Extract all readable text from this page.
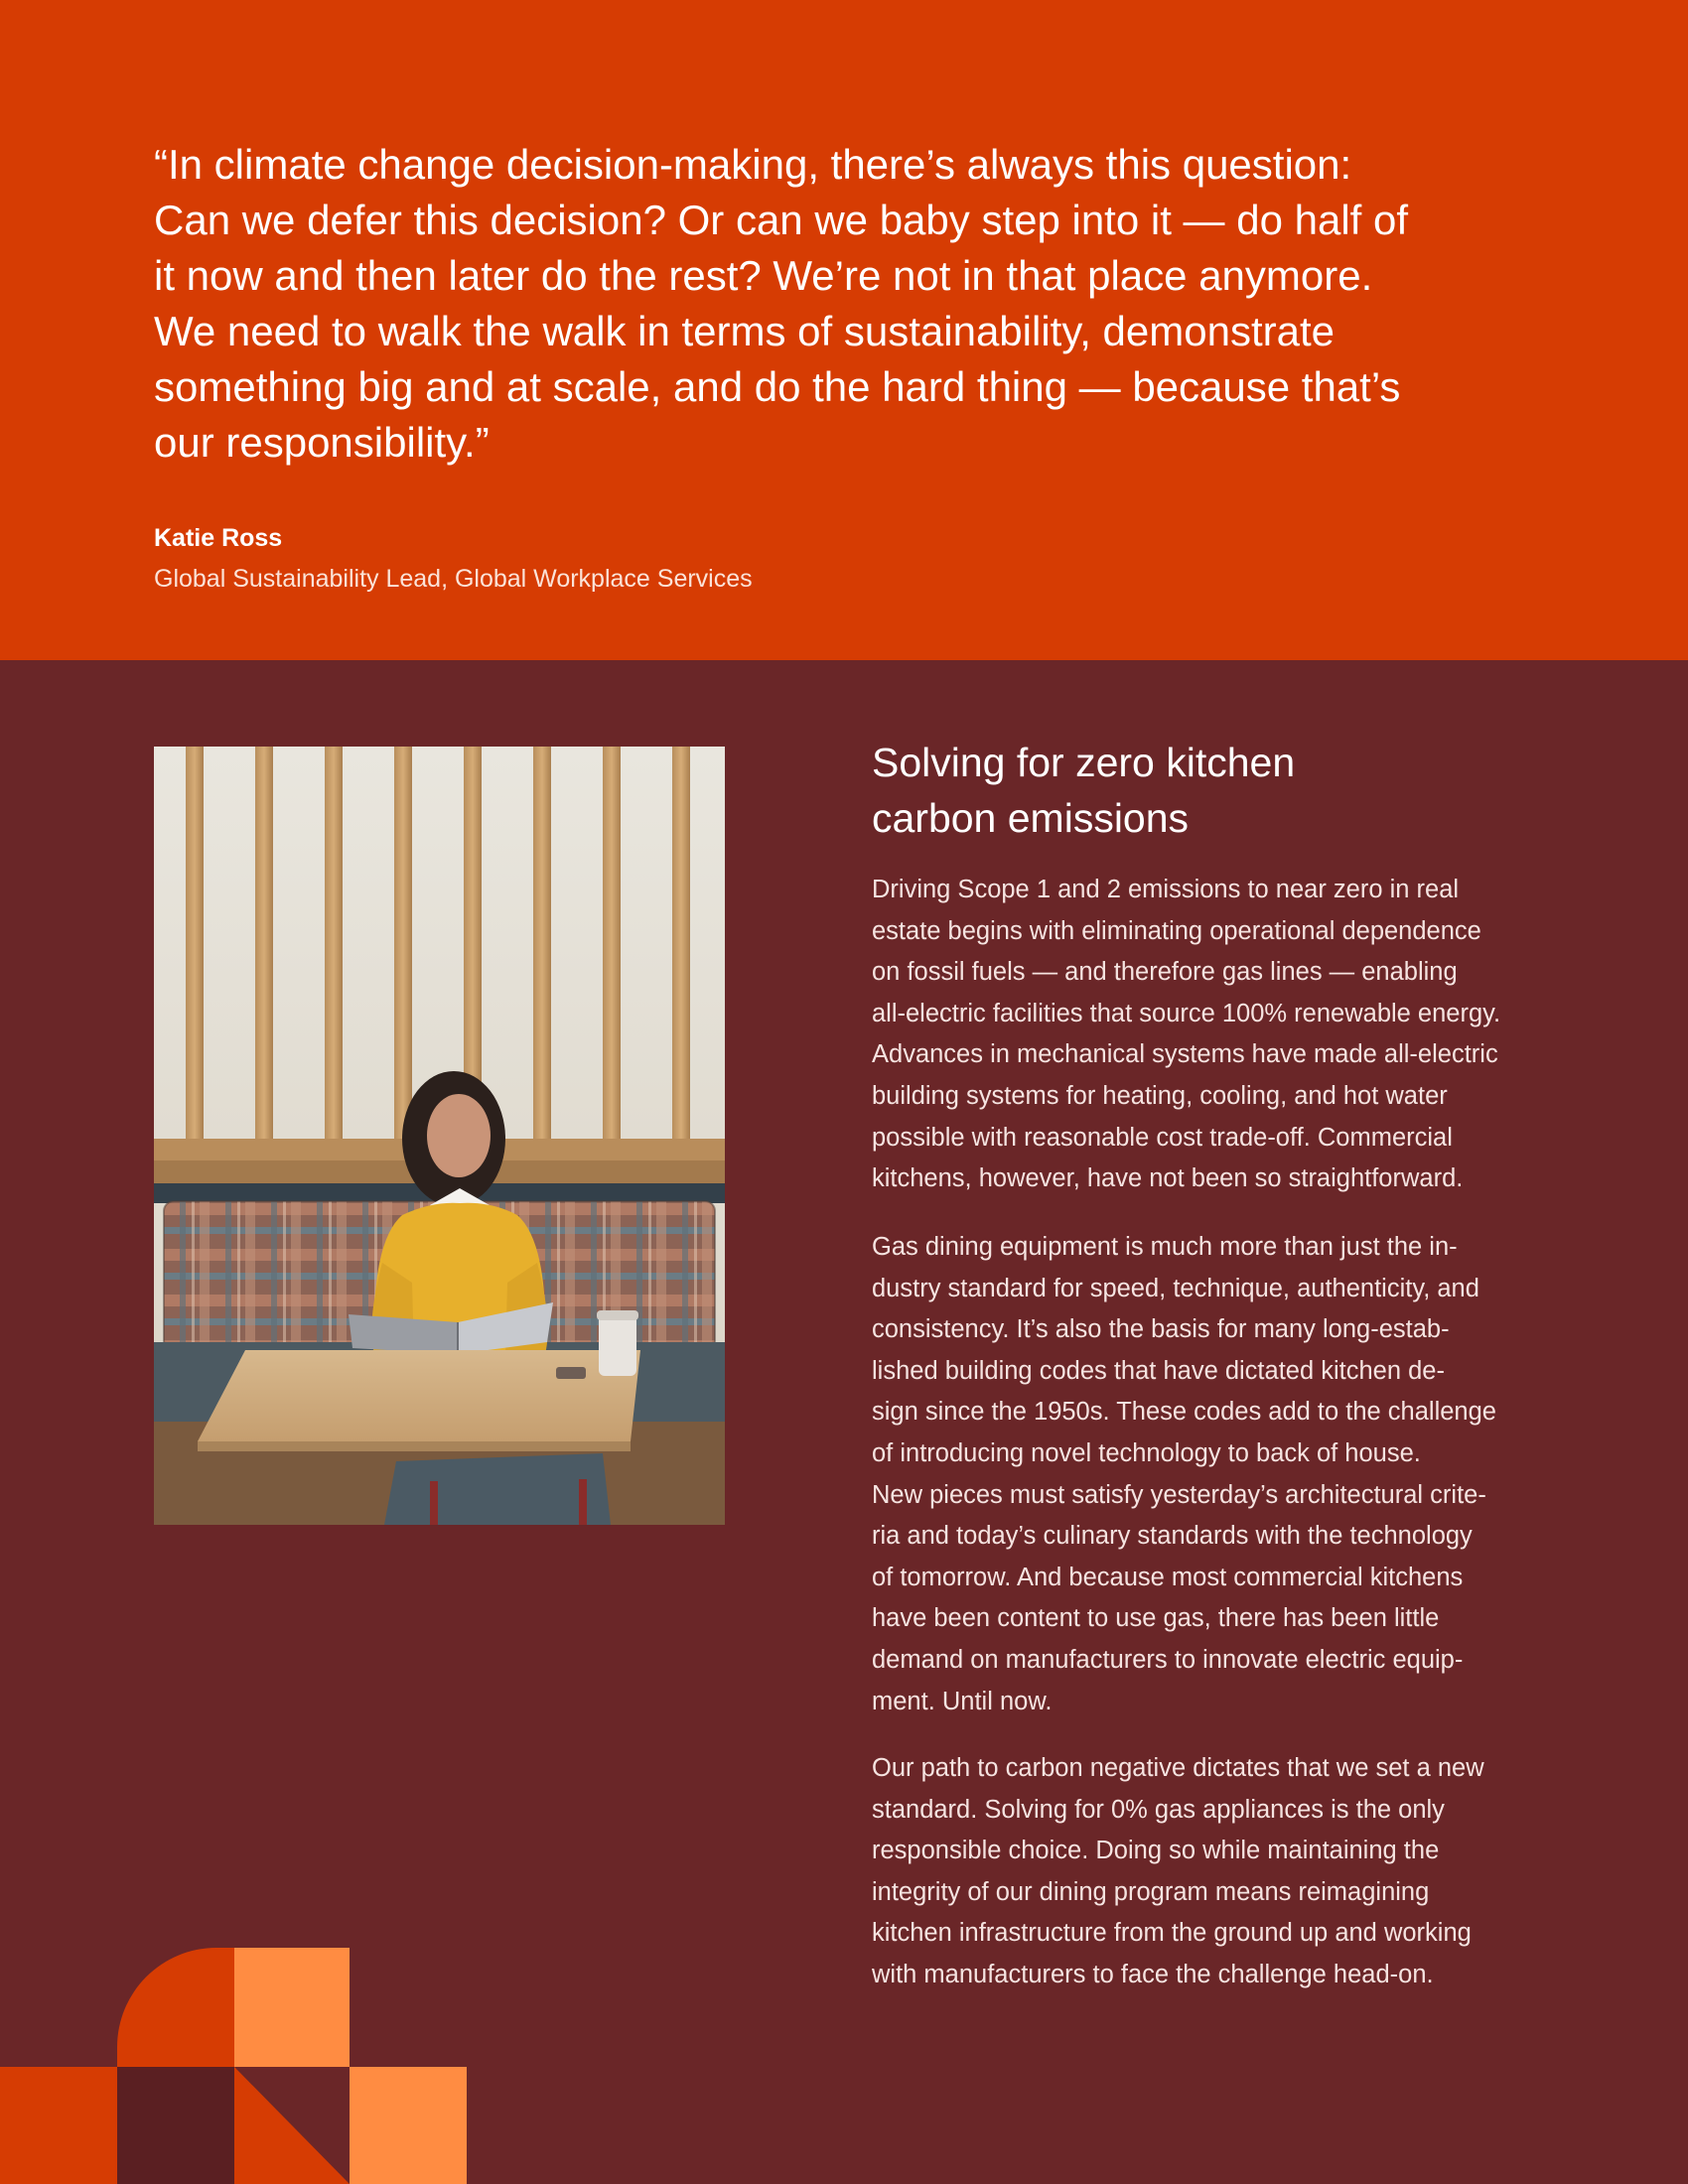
“In climate change decision-making, there’s always this question:
Can we defer this decision? Or can we baby step into it — do half of
it now and then later do the rest? We’re not in that place anymore.
We need to walk the walk in terms of sustainability, demonstrate
something big and at scale, and do the hard thing — because that’s
our responsibility.”

Katie Ross

Global Sustainability Lead, Global Workplace Services

Solving for zero kitchen
carbon emissions

Driving Scope 1 and 2 emissions to near zero in real
estate begins with eliminating operational dependence
on fossil fuels — and therefore gas lines — enabling
all-electric facilities that source 100% renewable energy.
Advances in mechanical systems have made all-electric
building systems for heating, cooling, and hot water
possible with reasonable cost trade-off. Commercial
kitchens, however, have not been so straightforward.

Gas dining equipment is much more than just the in-
dustry standard for speed, technique, authenticity, and
consistency. It’s also the basis for many long-estab-
lished building codes that have dictated kitchen de-
sign since the 1950s. These codes add to the challenge
of introducing novel technology to back of house.
New pieces must satisfy yesterday’s architectural crite-
ria and today’s culinary standards with the technology
of tomorrow. And because most commercial kitchens
have been content to use gas, there has been little
demand on manufacturers to innovate electric equip-
ment. Until now.

Our path to carbon negative dictates that we set a new
standard. Solving for 0% gas appliances is the only
responsible choice. Doing so while maintaining the
integrity of our dining program means reimagining
kitchen infrastructure from the ground up and working
with manufacturers to face the challenge head-on.
